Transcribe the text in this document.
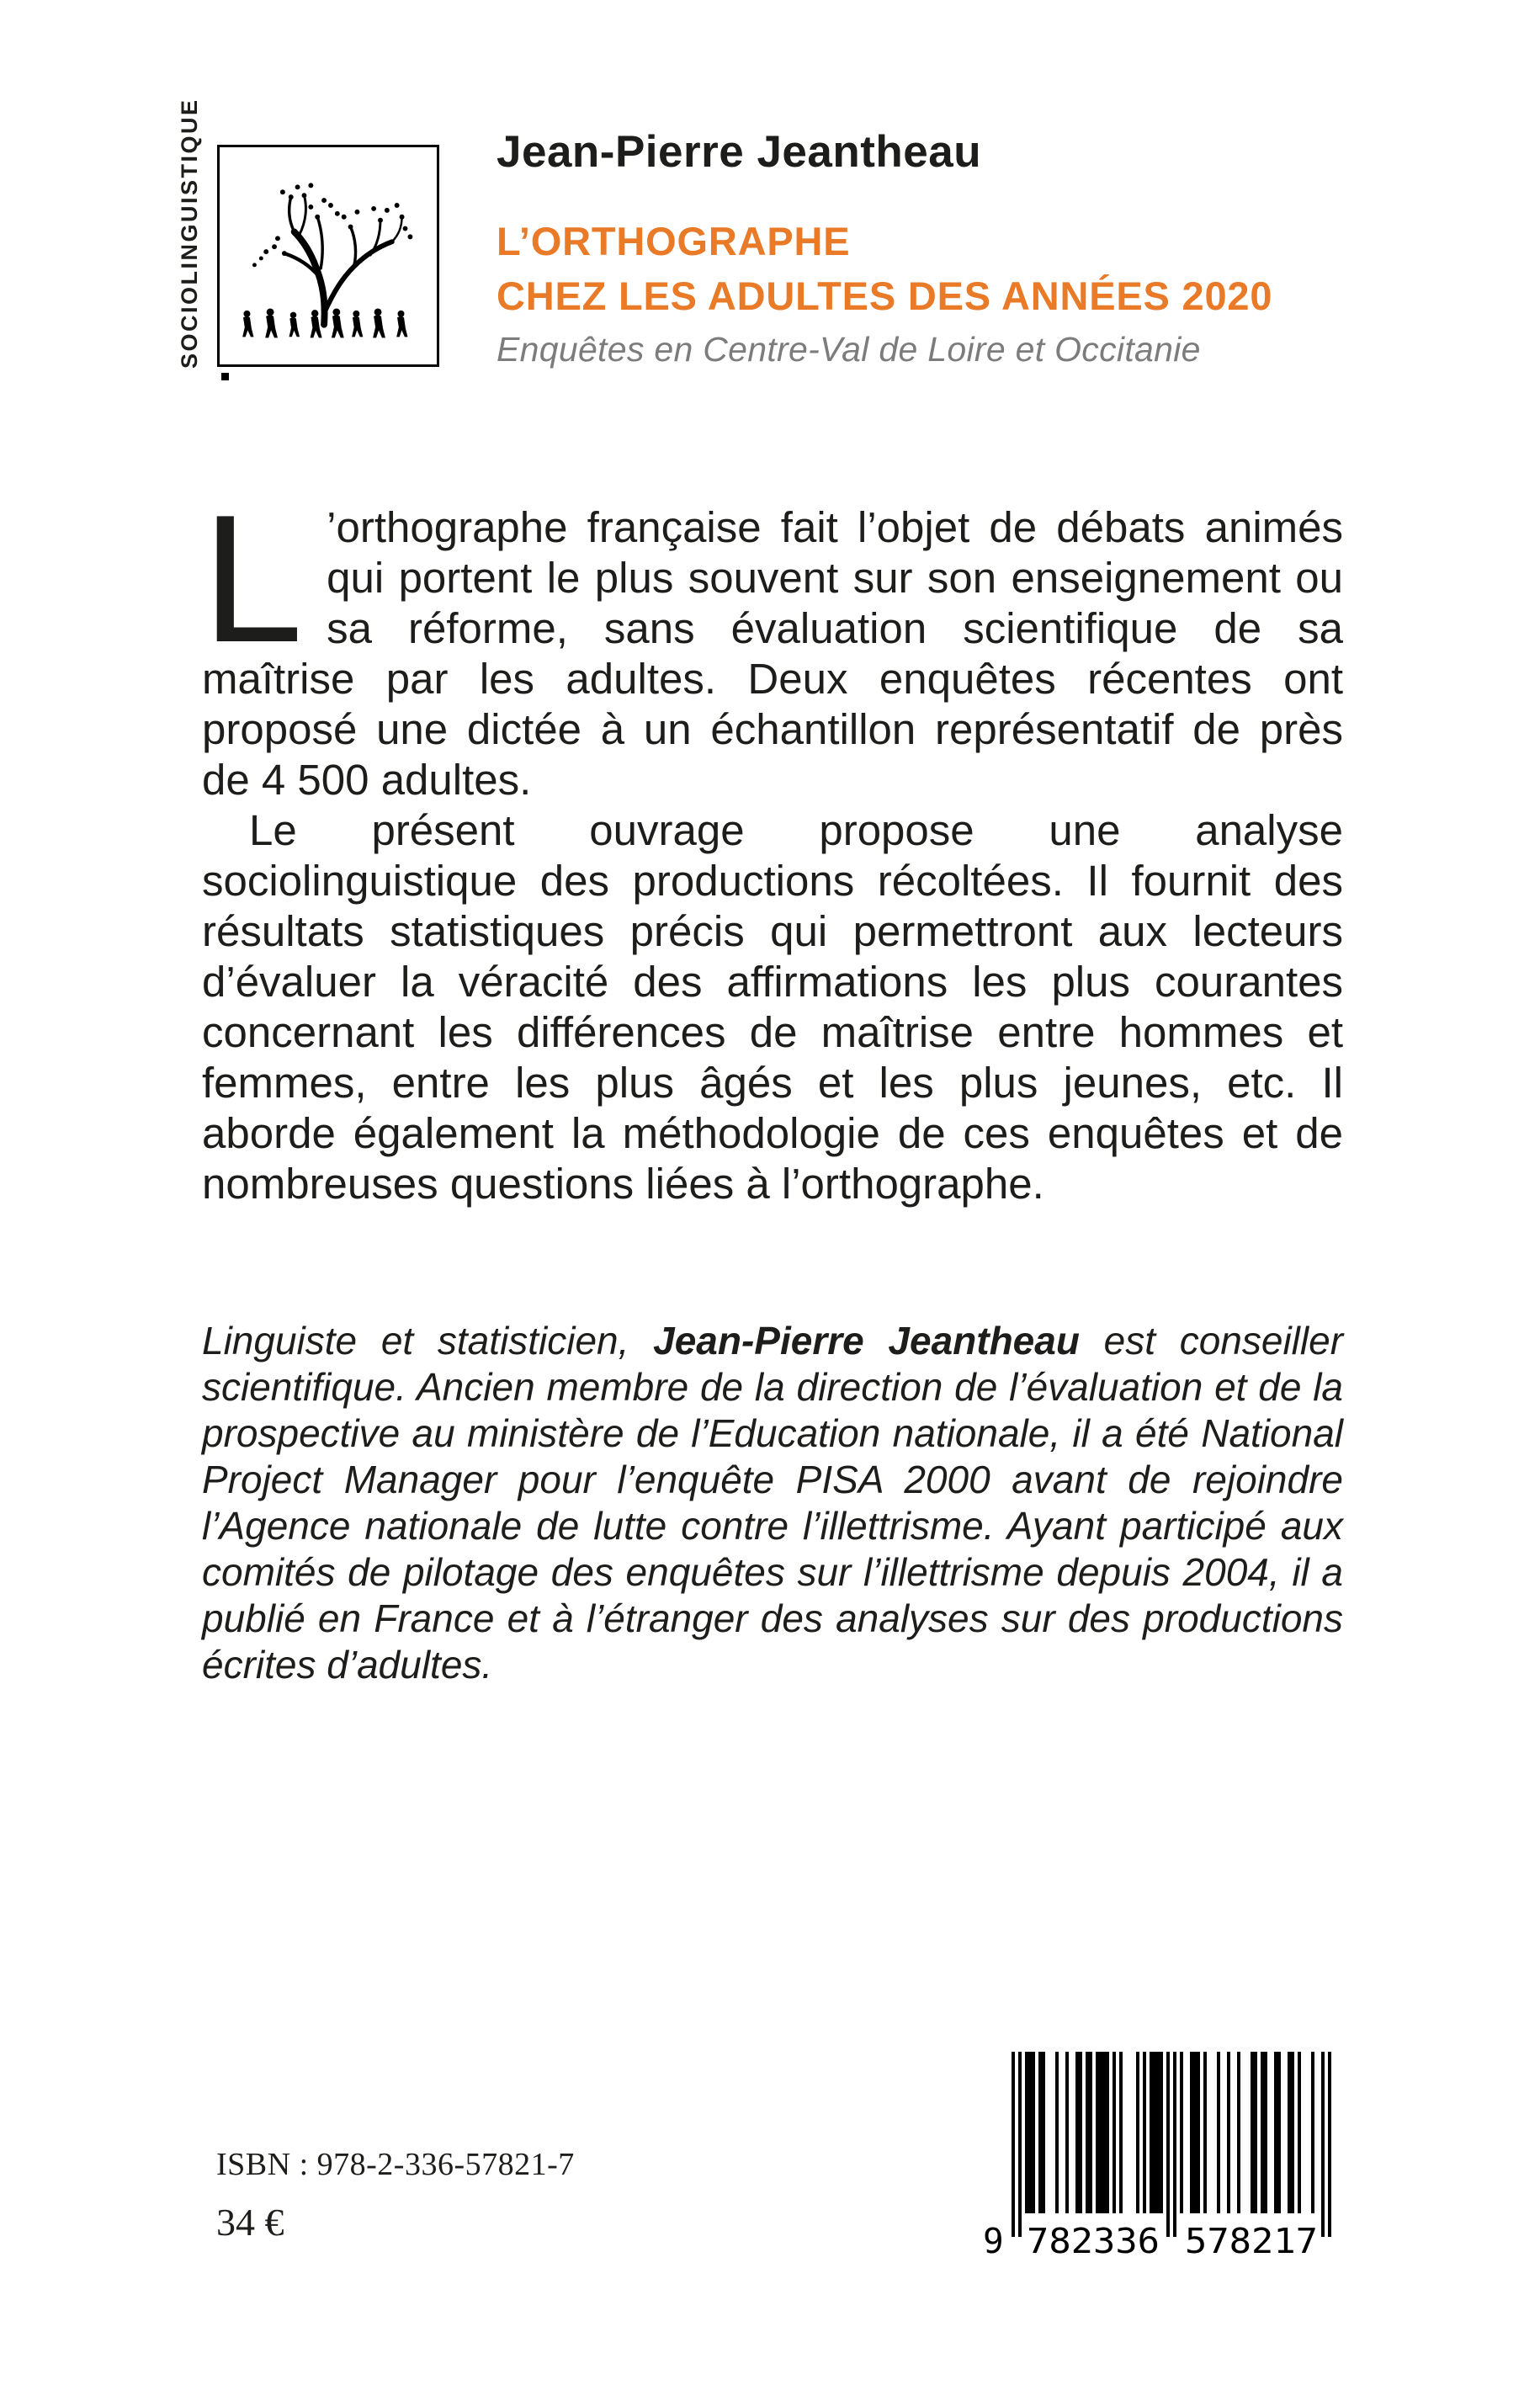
SOCIOLINGUISTIQUE	Jean-Pierre Jeantheau
L’ORTHOGRAPHE
CHEZ LES ADULTES DES ANNÉES 2020
Enquêtes en Centre-Val de Loire et Occitanie

L ’orthographe française fait l’objet de débats animés qui portent le plus souvent sur son enseignement ou sa réforme, sans évaluation scientifique de sa maîtrise par les adultes. Deux enquêtes récentes ont proposé une dictée à un échantillon représentatif de près de 4 500 adultes.

Le présent ouvrage propose une analyse sociolinguistique des productions récoltées. Il fournit des résultats statistiques précis qui permettront aux lecteurs d’évaluer la véracité des affirmations les plus courantes concernant les différences de maîtrise entre hommes et femmes, entre les plus âgés et les plus jeunes, etc. Il aborde également la méthodologie de ces enquêtes et de nombreuses questions liées à l’orthographe.

Linguiste et statisticien, Jean-Pierre Jeantheau est conseiller scientifique. Ancien membre de la direction de l’évaluation et de la prospective au ministère de l’Education nationale, il a été National Project Manager pour l’enquête PISA 2000 avant de rejoindre l’Agence nationale de lutte contre l’illettrisme. Ayant participé aux comités de pilotage des enquêtes sur l’illettrisme depuis 2004, il a publié en France et à l’étranger des analyses sur des productions écrites d’adultes.

ISBN : 978-2-336-57821-7
34 €	9 782336 578217
